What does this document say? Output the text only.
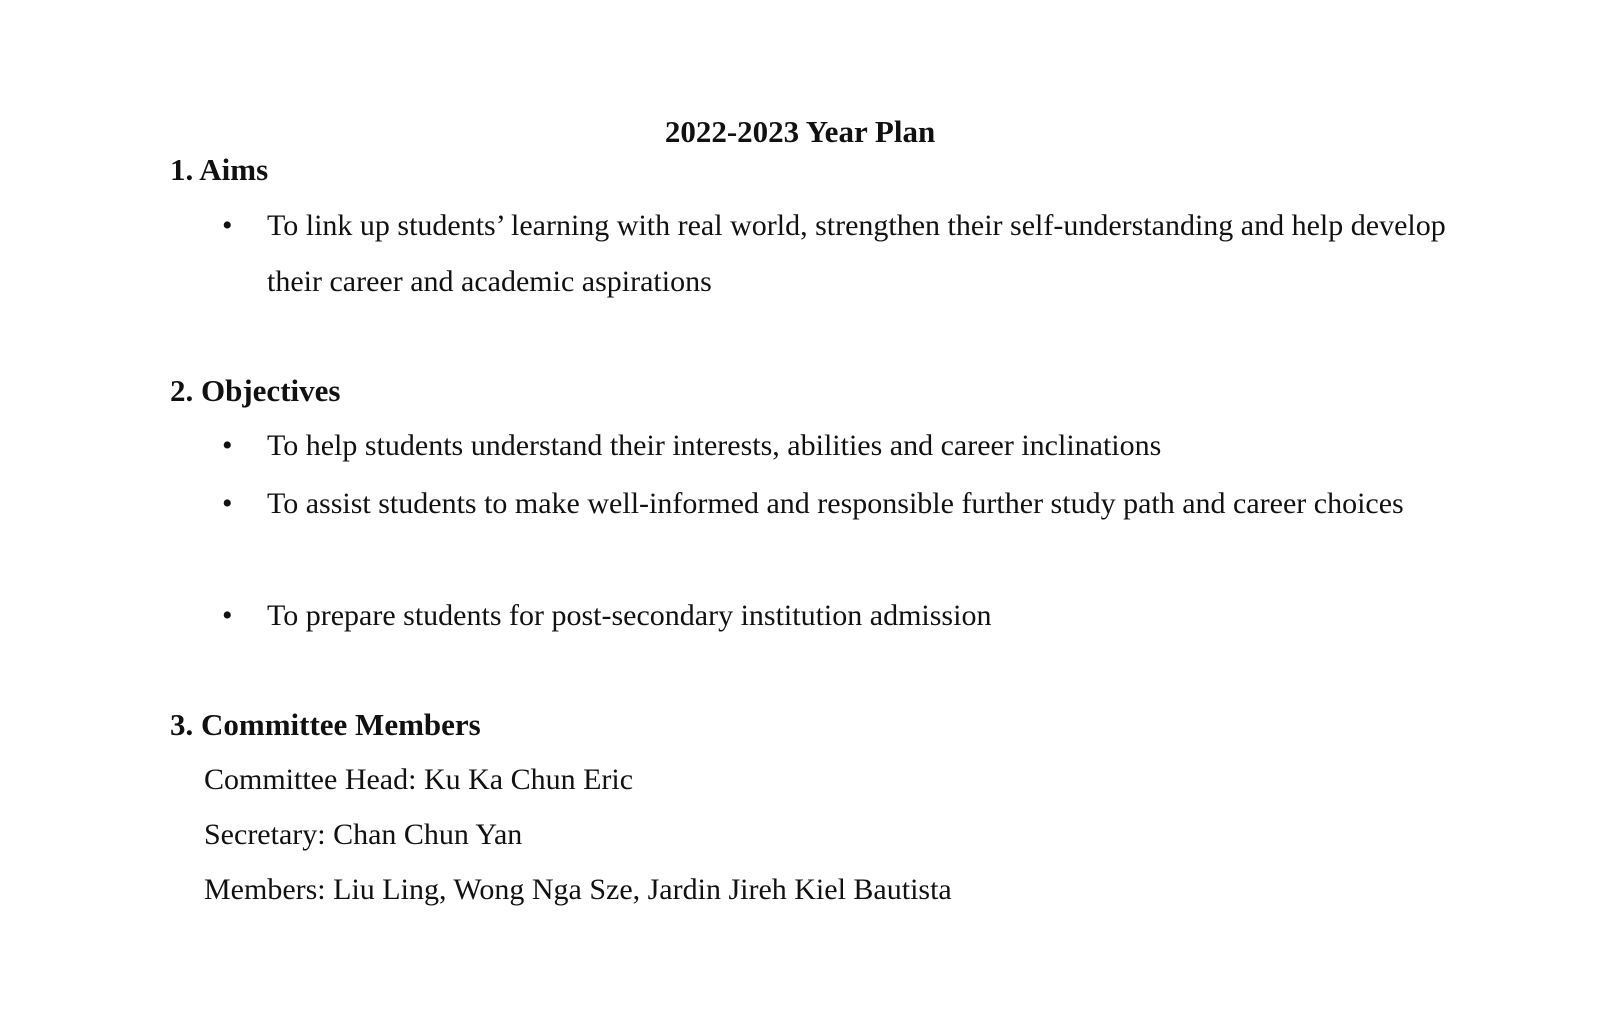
2022-2023 Year Plan
1. Aims
• To link up students’ learning with real world, strengthen their self-understanding and help develop their career and academic aspirations

2. Objectives
• To help students understand their interests, abilities and career inclinations

• To assist students to make well-informed and responsible further study path and career choices

• To prepare students for post-secondary institution admission

3. Committee Members

Committee Head: Ku Ka Chun Eric

Secretary: Chan Chun Yan

Members: Liu Ling, Wong Nga Sze, Jardin Jireh Kiel Bautista
